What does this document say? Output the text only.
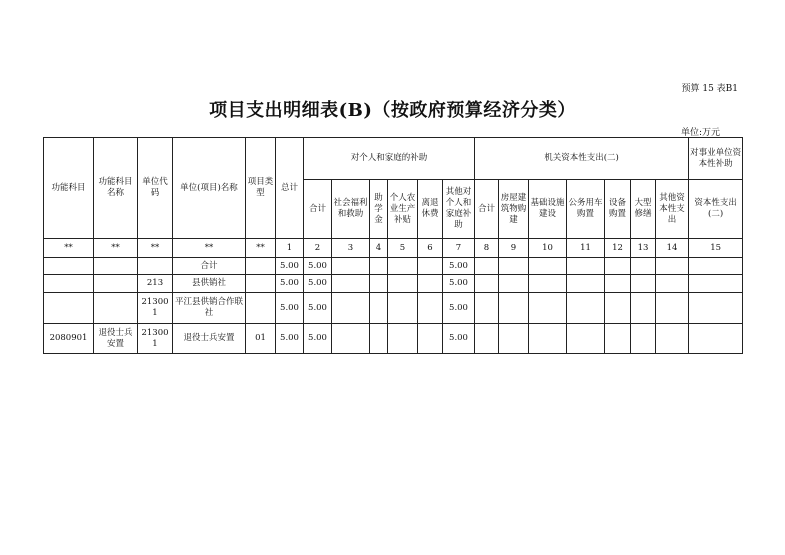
预算 15 表B1
项目支出明细表(B)（按政府预算经济分类）
单位:万元
功能科目	功能科目名称	单位代码	单位(项目)名称	项目类型	总计	对个人和家庭的补助						机关资本性支出(二)							对事业单位资本性补助
						合计	社会福利和救助	助学金	个人农业生产补贴	离退休费	其他对个人和家庭补助	合计	房屋建筑物购建	基础设施建设	公务用车购置	设备购置	大型修缮	其他资本性支出	资本性支出(二)
**	**	**	**	**	1	2	3	4	5	6	7	8	9	10	11	12	13	14	15
			合计		5.00	5.00					5.00								
		213	县供销社		5.00	5.00					5.00								
		213001	平江县供销合作联社		5.00	5.00					5.00								
2080901	退役士兵安置	213001	退役士兵安置	01	5.00	5.00					5.00								
